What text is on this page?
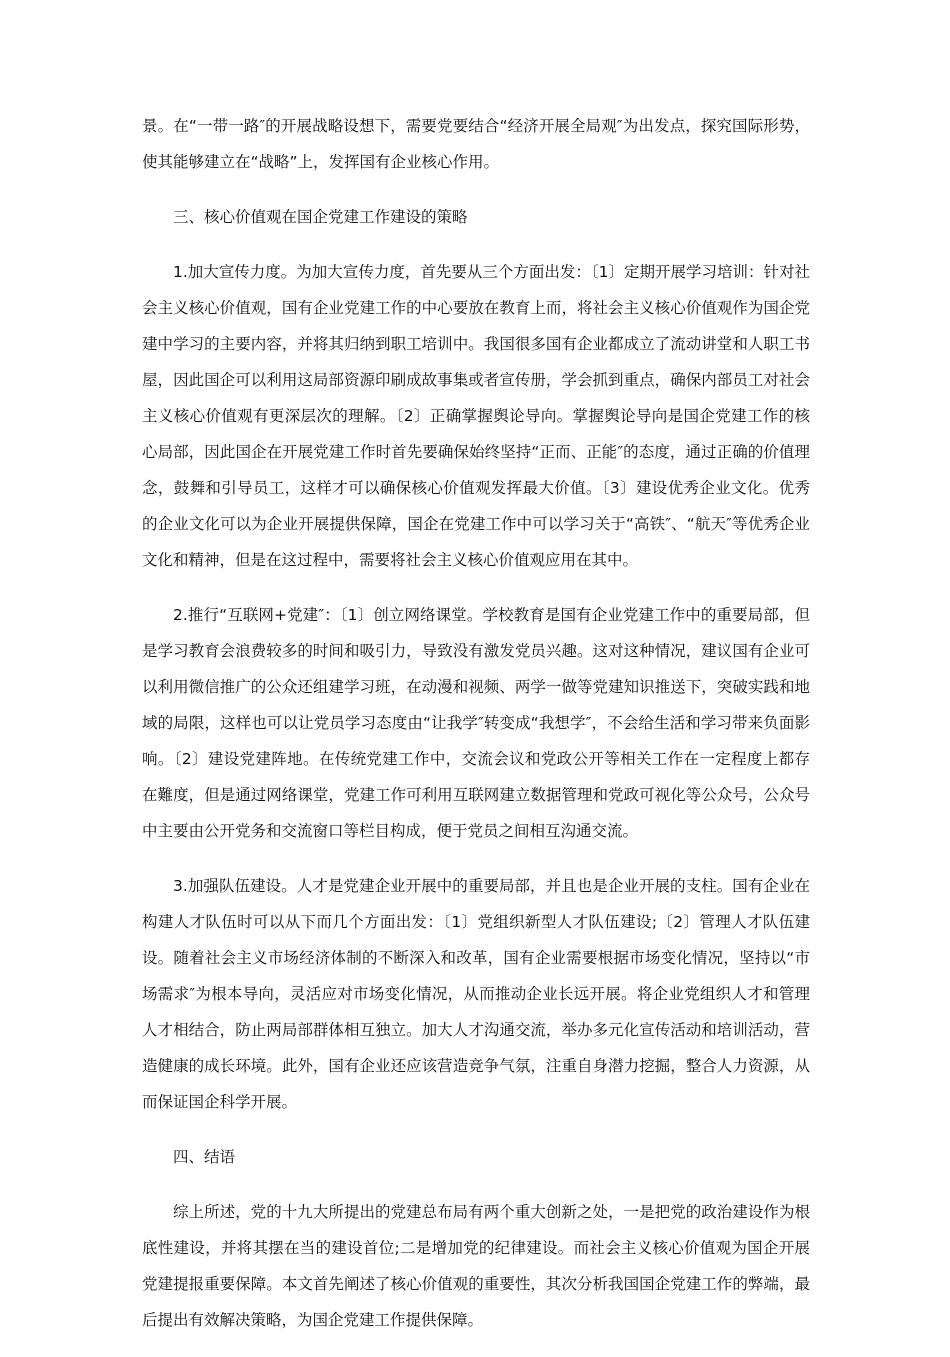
景。在“一带一路″的开展战略设想下，需要党要结合“经济开展全局观″为出发点，探究国际形势，使其能够建立在“战略”上，发挥国有企业核心作用。

三、核心价值观在国企党建工作建设的策略

1.加大宣传力度。为加大宣传力度，首先要从三个方面出发：〔1〕定期开展学习培训：针对社会主义核心价值观，国有企业党建工作的中心要放在教育上而，将社会主义核心价值观作为国企党建中学习的主要内容，并将其归纳到职工培训中。我国很多国有企业都成立了流动讲堂和人职工书屋，因此国企可以利用这局部资源印刷成故事集或者宣传册，学会抓到重点，确保内部员工对社会主义核心价值观有更深层次的理解。〔2〕正确掌握舆论导向。掌握舆论导向是国企党建工作的核心局部，因此国企在开展党建工作时首先要确保始终坚持“正而、正能″的态度，通过正确的价值理念，鼓舞和引导员工，这样才可以确保核心价值观发挥最大价值。〔3〕建设优秀企业文化。优秀的企业文化可以为企业开展提供保障，国企在党建工作中可以学习关于“高铁″、“航天″等优秀企业文化和精神，但是在这过程中，需要将社会主义核心价值观应用在其中。

2.推行“互联网+党建″：〔1〕创立网络课堂。学校教育是国有企业党建工作中的重要局部，但是学习教育会浪费较多的时间和吸引力，导致没有激发党员兴趣。这对这种情况，建议国有企业可以利用微信推广的公众还组建学习班，在动漫和视频、两学一做等党建知识推送下，突破实践和地域的局限，这样也可以让党员学习态度由“让我学″转变成“我想学″，不会给生活和学习带来负面影响。〔2〕建设党建阵地。在传统党建工作中，交流会议和党政公开等相关工作在一定程度上都存在難度，但是通过网络课堂，党建工作可利用互联网建立数据管理和党政可视化等公众号，公众号中主要由公开党务和交流窗口等栏目构成，便于党员之间相互沟通交流。

3.加强队伍建设。人才是党建企业开展中的重要局部，并且也是企业开展的支柱。国有企业在构建人才队伍时可以从下而几个方面出发：〔1〕党组织新型人才队伍建设;〔2〕管理人才队伍建设。随着社会主义市场经济体制的不断深入和改革，国有企业需要根据市场变化情况，坚持以“市场需求″为根本导向，灵活应对市场变化情况，从而推动企业长远开展。将企业党组织人才和管理人才相结合，防止两局部群体相互独立。加大人才沟通交流，举办多元化宣传活动和培训活动，营造健康的成长环境。此外，国有企业还应该营造竞争气氛，注重自身潜力挖掘，整合人力资源，从而保证国企科学开展。

四、结语

综上所述，党的十九大所提出的党建总布局有两个重大创新之处，一是把党的政治建设作为根底性建设，并将其摆在当的建设首位;二是增加党的纪律建设。而社会主义核心价值观为国企开展党建提报重要保障。本文首先阐述了核心价值观的重要性，其次分析我国国企党建工作的弊端，最后提出有效解决策略，为国企党建工作提供保障。
